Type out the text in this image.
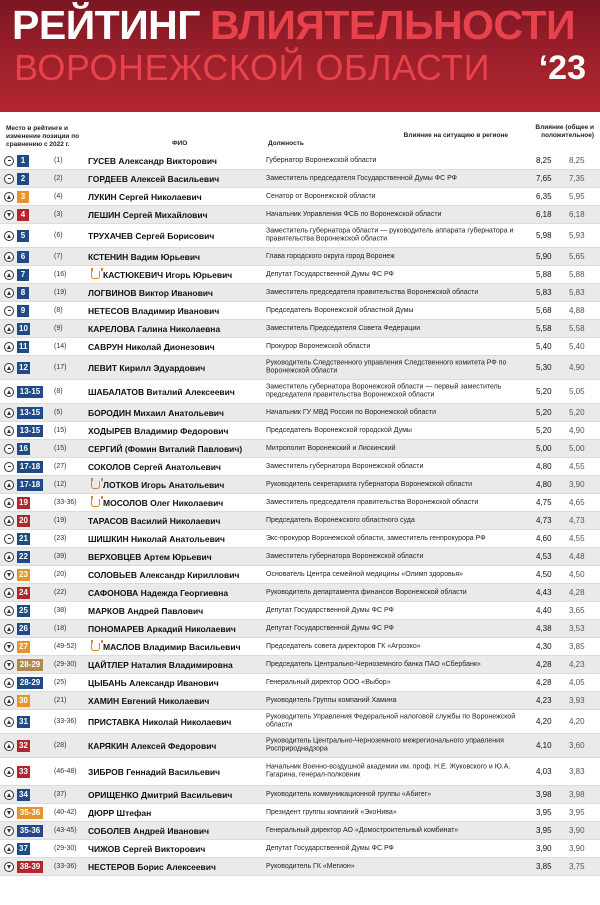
РЕЙТИНГ ВЛИЯТЕЛЬНОСТИ
ВОРОНЕЖСКОЙ ОБЛАСТИ ‘23
Место в рейтинге и изменение позиции по сравнению с 2022 г.	ФИО	Должность
Влияние на ситуацию в регионе
Влияние (общее и положительное)
1	(1)	ГУСЕВ Александр Викторович	Губернатор Воронежской области	8,25 8,25
2	(2)	ГОРДЕЕВ Алексей Васильевич	Заместитель председателя Государственной Думы ФС РФ	7,65 7,35
3	(4)	ЛУКИН Сергей Николаевич	Сенатор от Воронежской области	6,35 5,95
4	(3)	ЛЕШИН Сергей Михайлович	Начальник Управления ФСБ по Воронежской области	6,18 6,18
5	(6)	ТРУХАЧЕВ Сергей Борисович	Заместитель губернатора области — руководитель аппарата губернатора и правительства Воронежской области	5,98 5,93
6	(7)	КСТЕНИН Вадим Юрьевич	Глава городского округа город Воронеж	5,90 5,65
7	(16)	КАСТЮКЕВИЧ Игорь Юрьевич	Депутат Государственной Думы ФС РФ	5,88 5,88
8	(19)	ЛОГВИНОВ Виктор Иванович	Заместитель председателя правительства Воронежской области	5,83 5,83
9	(8)	НЕТЕСОВ Владимир Иванович	Председатель Воронежской областной Думы	5,68 4,88
10	(9)	КАРЕЛОВА Галина Николаевна	Заместитель Председателя Совета Федерации	5,58 5,58
11	(14)	САВРУН Николай Дионезович	Прокурор Воронежской области	5,40 5,40
12	(17)	ЛЕВИТ Кирилл Эдуардович	Руководитель Следственного управления Следственного комитета РФ по Воронежской области	5,30 4,90
13-15	(8)	ШАБАЛАТОВ Виталий Алексеевич	Заместитель губернатора Воронежской области — первый заместитель председателя правительства Воронежской области	5,20 5,05
13-15	(5)	БОРОДИН Михаил Анатольевич	Начальник ГУ МВД России по Воронежской области	5,20 5,20
13-15	(15)	ХОДЫРЕВ Владимир Федорович	Председатель Воронежской городской Думы	5,20 4,90
16	(15)	СЕРГИЙ (Фомин Виталий Павлович)	Митрополит Воронежский и Лискинский	5,00 5,00
17-18	(27)	СОКОЛОВ Сергей Анатольевич	Заместитель губернатора Воронежской области	4,80 4,55
17-18	(12)	ЛОТКОВ Игорь Анатольевич	Руководитель секретариата губернатора Воронежской области	4,80 3,90
19	(33-36)	МОСОЛОВ Олег Николаевич	Заместитель председателя правительства Воронежской области	4,75 4,65
20	(19)	ТАРАСОВ Василий Николаевич	Председатель Воронежского областного суда	4,73 4,73
21	(23)	ШИШКИН Николай Анатольевич	Экс-прокурор Воронежской области, заместитель генпрокурора РФ	4,60 4,55
22	(39)	ВЕРХОВЦЕВ Артем Юрьевич	Заместитель губернатора Воронежской области	4,53 4,48
23	(20)	СОЛОВЬЕВ Александр Кириллович	Основатель Центра семейной медицины «Олимп здоровья»	4,50 4,50
24	(22)	САФОНОВА Надежда Георгиевна	Руководитель департамента финансов Воронежской области	4,43 4,28
25	(38)	МАРКОВ Андрей Павлович	Депутат Государственной Думы ФС РФ	4,40 3,65
26	(18)	ПОНОМАРЕВ Аркадий Николаевич	Депутат Государственной Думы ФС РФ	4,38 3,53
27	(49-52)	МАСЛОВ Владимир Васильевич	Председатель совета директоров ГК «Агроэко»	4,30 3,85
28-29	(29-30) ЦАЙТЛЕР Наталия Владимировна	Председатель Центрально-Черноземного банка ПАО «Сбербанк»	4,28 4,23
28-29	(25)	ЦЫБАНЬ Александр Иванович	Генеральный директор ООО «Выбор»	4,28 4,05
30	(21)	ХАМИН Евгений Николаевич	Руководитель Группы компаний Хамина	4,23 3,93
31	(33-36) ПРИСТАВКА Николай Николаевич	Руководитель Управления Федеральной налоговой службы по Воронежской области	4,20 4,20
32	(28)	КАРЯКИН Алексей Федорович	Руководитель Центрально-Черноземного межрегионального управления Росприроднадзора	4,10 3,60
33	(46-48) ЗИБРОВ Геннадий Васильевич	Начальник Военно-воздушной академии им. проф. Н.Е. Жуковского и Ю.А. Гагарина, генерал-полковник	4,03 3,83
34	(37)	ОРИЩЕНКО Дмитрий Васильевич	Руководитель коммуникационной группы «Абигег»	3,98 3,98
35-36	(40-42) ДЮРР Штефан	Президент группы компаний «ЭкоНива»	3,95 3,95
35-36	(43-45) СОБОЛЕВ Андрей Иванович	Генеральный директор АО «Домостроительный комбинат»	3,95 3,90
37	(29-30) ЧИЖОВ Сергей Викторович	Депутат Государственной Думы ФС РФ	3,90 3,90
38-39	(33-36) НЕСТЕРОВ Борис Алексеевич	Руководитель ГК «Мегион»	3,85 3,75
